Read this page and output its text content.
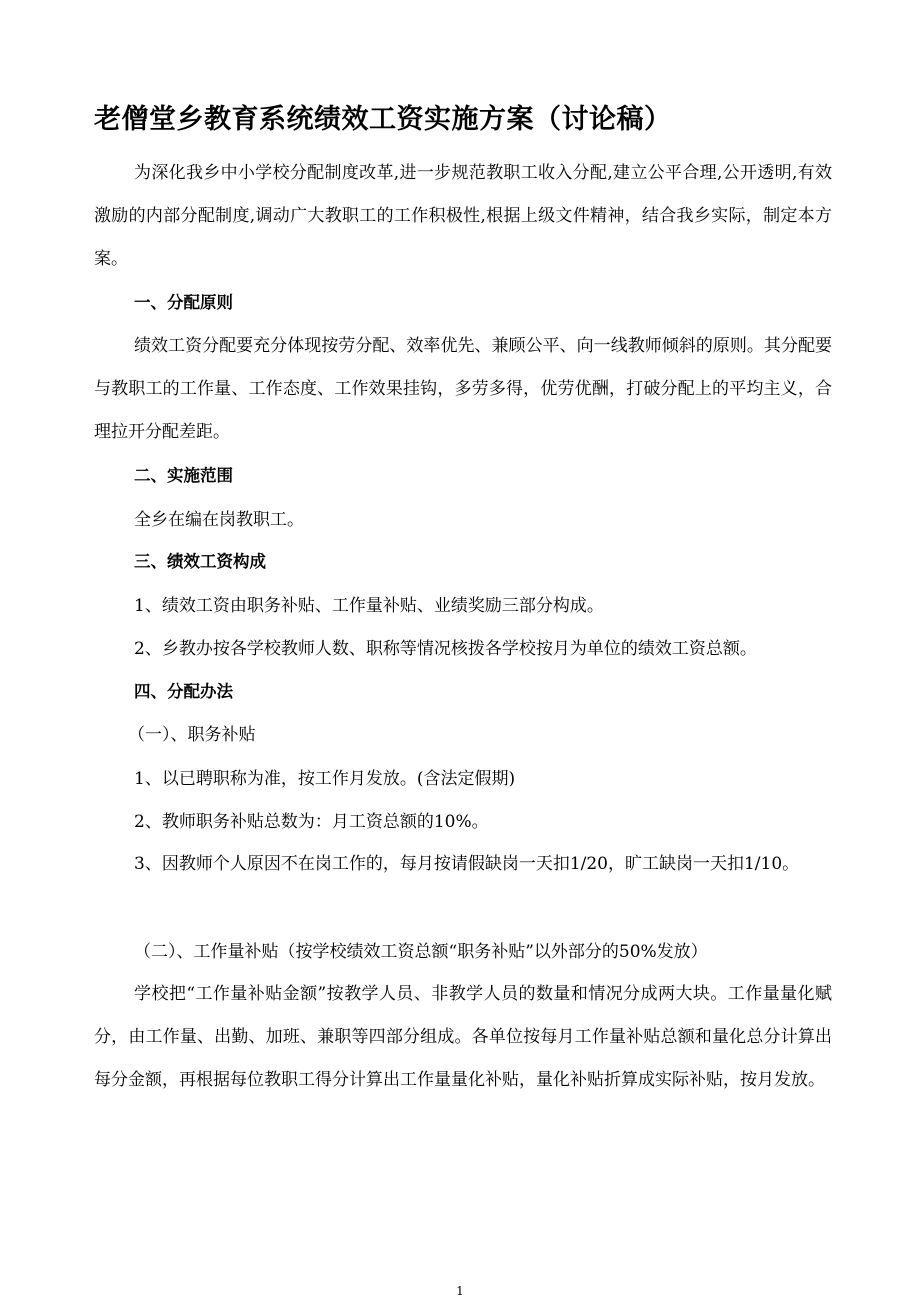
老僧堂乡教育系统绩效工资实施方案（讨论稿）
为深化我乡中小学校分配制度改革,进一步规范教职工收入分配,建立公平合理,公开透明,有效激励的内部分配制度,调动广大教职工的工作积极性,根据上级文件精神，结合我乡实际，制定本方案。
一、分配原则
绩效工资分配要充分体现按劳分配、效率优先、兼顾公平、向一线教师倾斜的原则。其分配要与教职工的工作量、工作态度、工作效果挂钩，多劳多得，优劳优酬，打破分配上的平均主义，合理拉开分配差距。
二、实施范围
全乡在编在岗教职工。
三、绩效工资构成
1、绩效工资由职务补贴、工作量补贴、业绩奖励三部分构成。
2、乡教办按各学校教师人数、职称等情况核拨各学校按月为单位的绩效工资总额。
四、分配办法
（一）、职务补贴
1、以已聘职称为准，按工作月发放。(含法定假期)
2、教师职务补贴总数为：月工资总额的10%。
3、因教师个人原因不在岗工作的，每月按请假缺岗一天扣1/20，旷工缺岗一天扣1/10。
（二）、工作量补贴（按学校绩效工资总额“职务补贴”以外部分的50%发放）
学校把“工作量补贴金额”按教学人员、非教学人员的数量和情况分成两大块。工作量量化赋分，由工作量、出勤、加班、兼职等四部分组成。各单位按每月工作量补贴总额和量化总分计算出每分金额，再根据每位教职工得分计算出工作量量化补贴，量化补贴折算成实际补贴，按月发放。
1
